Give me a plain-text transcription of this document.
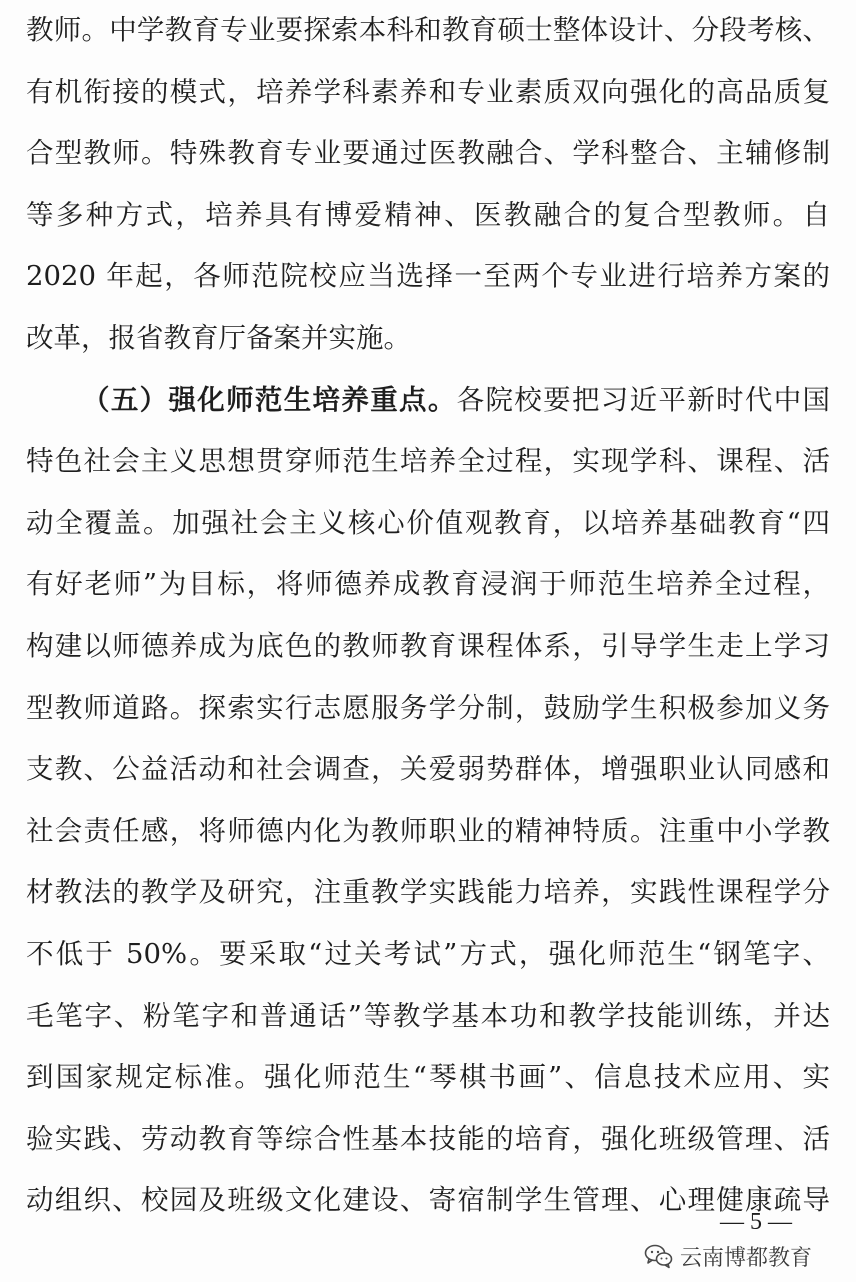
教师。中学教育专业要探索本科和教育硕士整体设计、分段考核、
有机衔接的模式，培养学科素养和专业素质双向强化的高品质复
合型教师。特殊教育专业要通过医教融合、学科整合、主辅修制
等多种方式，培养具有博爱精神、医教融合的复合型教师。自
2020 年起，各师范院校应当选择一至两个专业进行培养方案的
改革，报省教育厅备案并实施。
（五）强化师范生培养重点。各院校要把习近平新时代中国
特色社会主义思想贯穿师范生培养全过程，实现学科、课程、活
动全覆盖。加强社会主义核心价值观教育，以培养基础教育“四
有好老师”为目标，将师德养成教育浸润于师范生培养全过程，
构建以师德养成为底色的教师教育课程体系，引导学生走上学习
型教师道路。探索实行志愿服务学分制，鼓励学生积极参加义务
支教、公益活动和社会调查，关爱弱势群体，增强职业认同感和
社会责任感，将师德内化为教师职业的精神特质。注重中小学教
材教法的教学及研究，注重教学实践能力培养，实践性课程学分
不低于 50%。要采取“过关考试”方式，强化师范生“钢笔字、
毛笔字、粉笔字和普通话”等教学基本功和教学技能训练，并达
到国家规定标准。强化师范生“琴棋书画”、信息技术应用、实
验实践、劳动教育等综合性基本技能的培育，强化班级管理、活
动组织、校园及班级文化建设、寄宿制学生管理、心理健康疏导
— 5 —
云南博都教育
